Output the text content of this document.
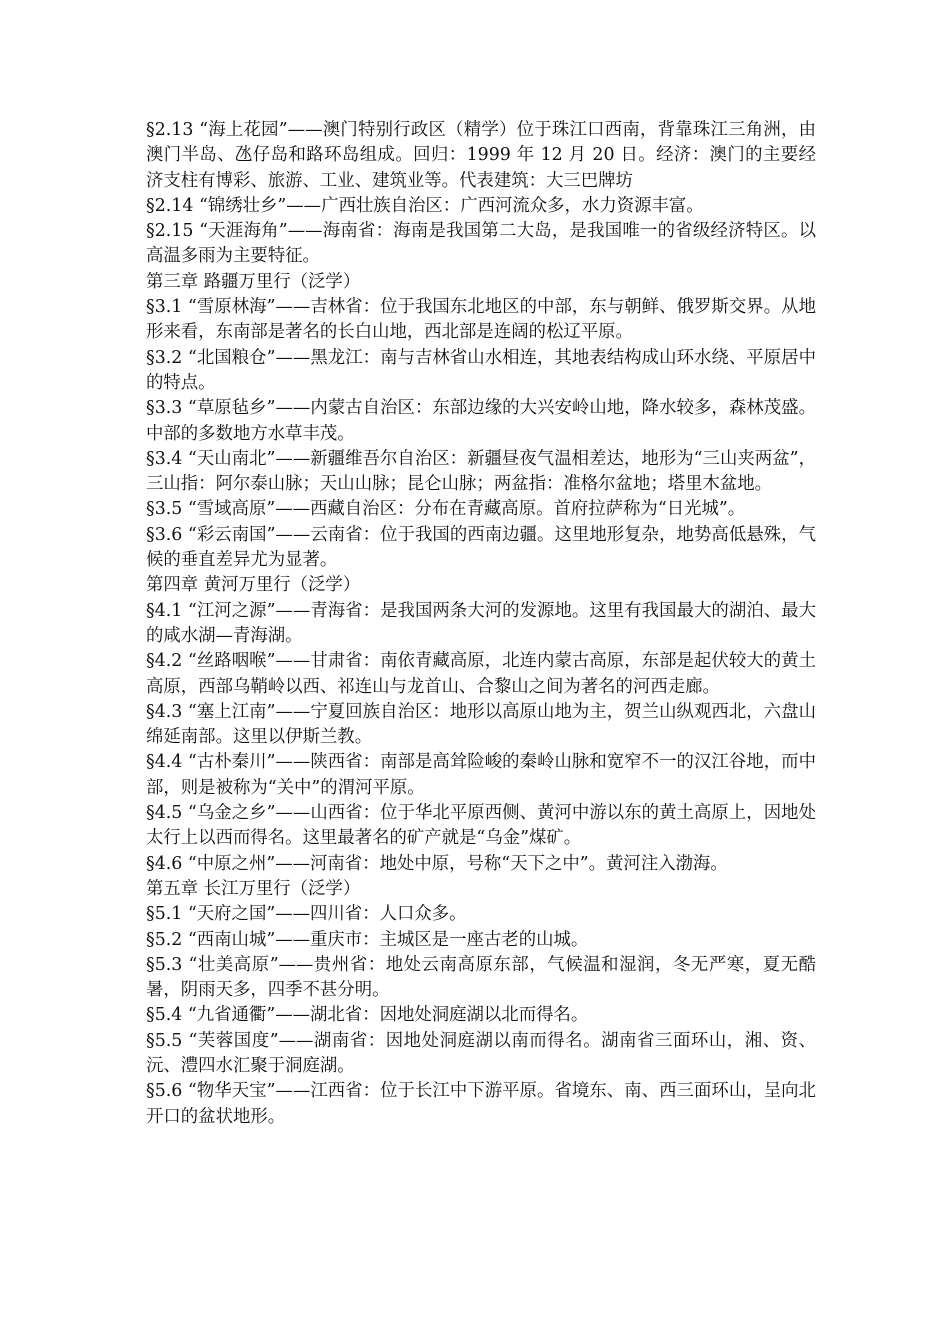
§2.13 “海上花园”——澳门特别行政区（精学）位于珠江口西南，背靠珠江三角洲，由澳门半岛、氹仔岛和路环岛组成。回归：1999 年 12 月 20 日。经济：澳门的主要经济支柱有博彩、旅游、工业、建筑业等。代表建筑：大三巴牌坊

§2.14 “锦绣壮乡”——广西壮族自治区：广西河流众多，水力资源丰富。

§2.15 “天涯海角”——海南省：海南是我国第二大岛，是我国唯一的省级经济特区。以高温多雨为主要特征。

第三章 路疆万里行（泛学）

§3.1 “雪原林海”——吉林省：位于我国东北地区的中部，东与朝鲜、俄罗斯交界。从地形来看，东南部是著名的长白山地，西北部是连阔的松辽平原。

§3.2 “北国粮仓”——黑龙江：南与吉林省山水相连，其地表结构成山环水绕、平原居中的特点。

§3.3 “草原毡乡”——内蒙古自治区：东部边缘的大兴安岭山地，降水较多，森林茂盛。中部的多数地方水草丰茂。

§3.4 “天山南北”——新疆维吾尔自治区：新疆昼夜气温相差达，地形为“三山夹两盆”，三山指：阿尔泰山脉；天山山脉；昆仑山脉；两盆指：准格尔盆地；塔里木盆地。

§3.5 “雪域高原”——西藏自治区：分布在青藏高原。首府拉萨称为“日光城”。

§3.6 “彩云南国”——云南省：位于我国的西南边疆。这里地形复杂，地势高低悬殊，气候的垂直差异尤为显著。

第四章 黄河万里行（泛学）

§4.1 “江河之源”——青海省：是我国两条大河的发源地。这里有我国最大的湖泊、最大的咸水湖—青海湖。

§4.2 “丝路咽喉”——甘肃省：南依青藏高原，北连内蒙古高原，东部是起伏较大的黄土高原，西部乌鞘岭以西、祁连山与龙首山、合黎山之间为著名的河西走廊。

§4.3 “塞上江南”——宁夏回族自治区：地形以高原山地为主，贺兰山纵观西北，六盘山绵延南部。这里以伊斯兰教。

§4.4 “古朴秦川”——陕西省：南部是高耸险峻的秦岭山脉和宽窄不一的汉江谷地，而中部，则是被称为“关中”的渭河平原。

§4.5 “乌金之乡”——山西省：位于华北平原西侧、黄河中游以东的黄土高原上，因地处太行上以西而得名。这里最著名的矿产就是“乌金”煤矿。

§4.6 “中原之州”——河南省：地处中原，号称“天下之中”。黄河注入渤海。

第五章 长江万里行（泛学）

§5.1 “天府之国”——四川省：人口众多。

§5.2 “西南山城”——重庆市：主城区是一座古老的山城。

§5.3 “壮美高原”——贵州省：地处云南高原东部，气候温和湿润，冬无严寒，夏无酷暑，阴雨天多，四季不甚分明。

§5.4 “九省通衢”——湖北省：因地处洞庭湖以北而得名。

§5.5 “芙蓉国度”——湖南省：因地处洞庭湖以南而得名。湖南省三面环山，湘、资、沅、澧四水汇聚于洞庭湖。

§5.6 “物华天宝”——江西省：位于长江中下游平原。省境东、南、西三面环山，呈向北开口的盆状地形。
